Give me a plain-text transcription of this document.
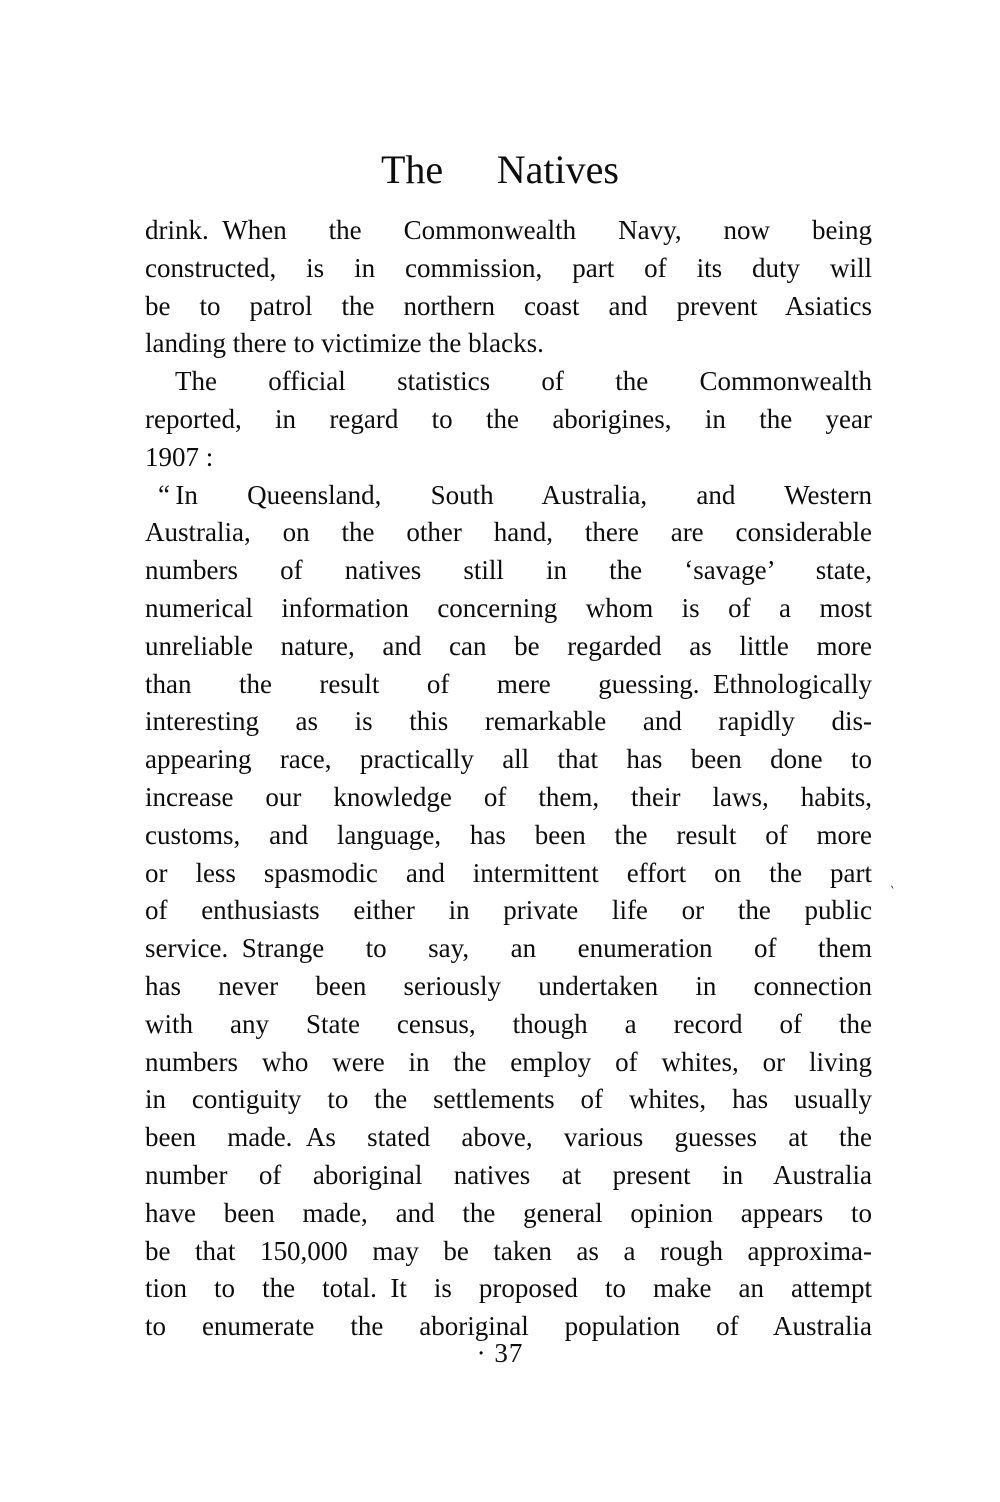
The  Natives
drink. When the Commonwealth Navy, now being
constructed, is in commission, part of its duty will
be to patrol the northern coast and prevent Asiatics
landing there to victimize the blacks.
The official statistics of the Commonwealth
reported, in regard to the aborigines, in the year
1907 :
“ In Queensland, South Australia, and Western
Australia, on the other hand, there are considerable
numbers of natives still in the ‘savage’ state,
numerical information concerning whom is of a most
unreliable nature, and can be regarded as little more
than the result of mere guessing. Ethnologically
interesting as is this remarkable and rapidly dis-
appearing race, practically all that has been done to
increase our knowledge of them, their laws, habits,
customs, and language, has been the result of more
or less spasmodic and intermittent effort on the part
of enthusiasts either in private life or the public
service. Strange to say, an enumeration of them
has never been seriously undertaken in connection
with any State census, though a record of the
numbers who were in the employ of whites, or living
in contiguity to the settlements of whites, has usually
been made. As stated above, various guesses at the
number of aboriginal natives at present in Australia
have been made, and the general opinion appears to
be that 150,000 may be taken as a rough approxima-
tion to the total. It is proposed to make an attempt
to enumerate the aboriginal population of Australia
`
· 37
